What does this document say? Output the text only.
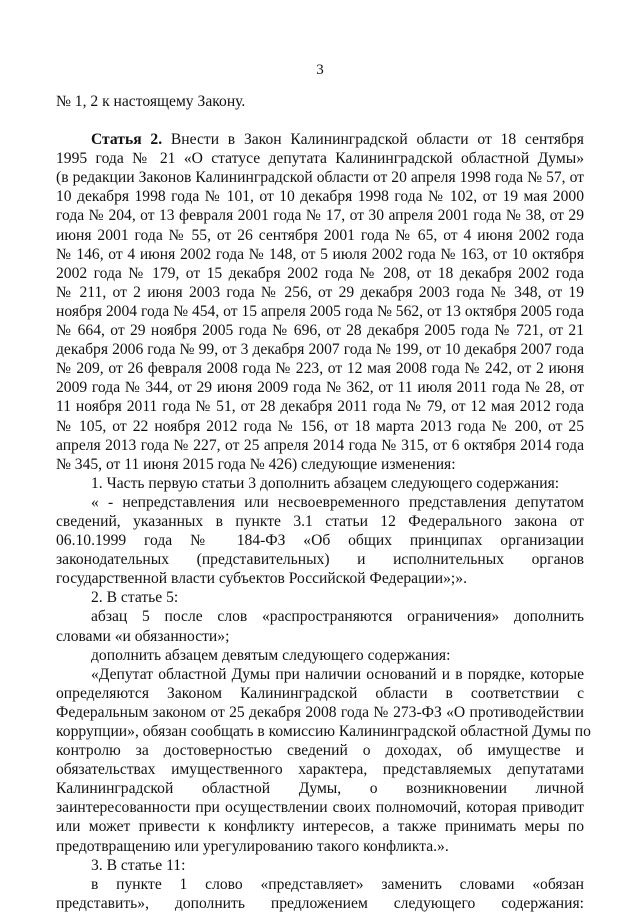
3
№ 1, 2 к настоящему Закону.
Статья 2. Внести в Закон Калининградской области от 18 сентября
1995 года № 21 «О статусе депутата Калининградской областной Думы»
(в редакции Законов Калининградской области от 20 апреля 1998 года № 57, от
10 декабря 1998 года № 101, от 10 декабря 1998 года № 102, от 19 мая 2000
года № 204, от 13 февраля 2001 года № 17, от 30 апреля 2001 года № 38, от 29
июня 2001 года № 55, от 26 сентября 2001 года № 65, от 4 июня 2002 года
№ 146, от 4 июня 2002 года № 148, от 5 июля 2002 года № 163, от 10 октября
2002 года № 179, от 15 декабря 2002 года № 208, от 18 декабря 2002 года
№ 211, от 2 июня 2003 года № 256, от 29 декабря 2003 года № 348, от 19
ноября 2004 года № 454, от 15 апреля 2005 года № 562, от 13 октября 2005 года
№ 664, от 29 ноября 2005 года № 696, от 28 декабря 2005 года № 721, от 21
декабря 2006 года № 99, от 3 декабря 2007 года № 199, от 10 декабря 2007 года
№ 209, от 26 февраля 2008 года № 223, от 12 мая 2008 года № 242, от 2 июня
2009 года № 344, от 29 июня 2009 года № 362, от 11 июля 2011 года № 28, от
11 ноября 2011 года № 51, от 28 декабря 2011 года № 79, от 12 мая 2012 года
№ 105, от 22 ноября 2012 года № 156, от 18 марта 2013 года № 200, от 25
апреля 2013 года № 227, от 25 апреля 2014 года № 315, от 6 октября 2014 года
№ 345, от 11 июня 2015 года № 426) следующие изменения:
1. Часть первую статьи 3 дополнить абзацем следующего содержания:
« - непредставления или несвоевременного представления депутатом
сведений, указанных в пункте 3.1 статьи 12 Федерального закона от
06.10.1999 года № 184-ФЗ «Об общих принципах организации
законодательных (представительных) и исполнительных органов
государственной власти субъектов Российской Федерации»;».
2. В статье 5:
абзац 5 после слов «распространяются ограничения» дополнить
словами «и обязанности»;
дополнить абзацем девятым следующего содержания:
«Депутат областной Думы при наличии оснований и в порядке, которые
определяются Законом Калининградской области в соответствии с
Федеральным законом от 25 декабря 2008 года № 273-ФЗ «О противодействии
коррупции», обязан сообщать в комиссию Калининградской областной Думы по
контролю за достоверностью сведений о доходах, об имуществе и
обязательствах имущественного характера, представляемых депутатами
Калининградской областной Думы, о возникновении личной
заинтересованности при осуществлении своих полномочий, которая приводит
или может привести к конфликту интересов, а также принимать меры по
предотвращению или урегулированию такого конфликта.».
3. В статье 11:
в пункте 1 слово «представляет» заменить словами «обязан
представить», дополнить предложением следующего содержания:
